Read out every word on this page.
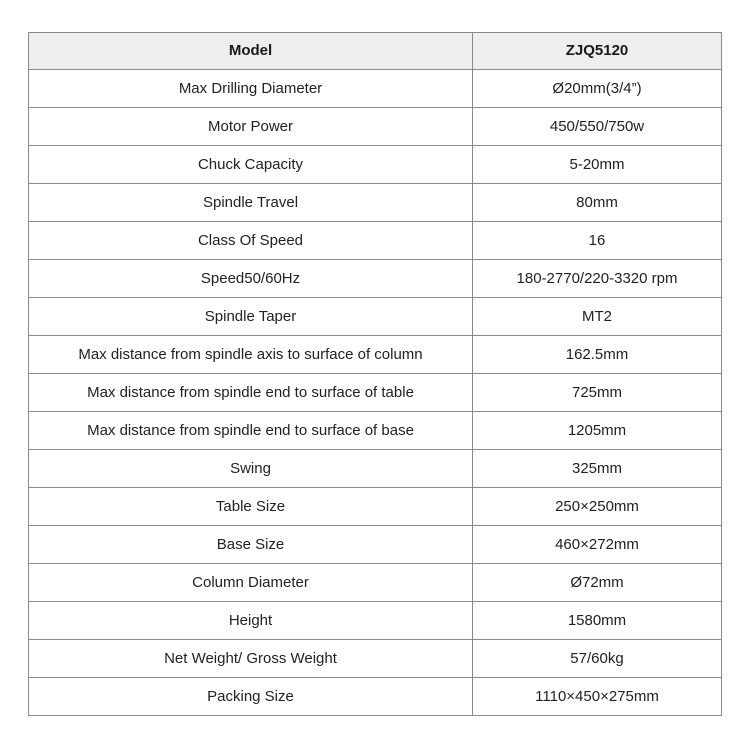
Model	ZJQ5120
Max Drilling Diameter	Ø20mm(3/4”)
Motor Power	450/550/750w
Chuck Capacity	5-20mm
Spindle Travel	80mm
Class Of Speed	16
Speed50/60Hz	180-2770/220-3320 rpm
Spindle Taper	MT2
Max distance from spindle axis to surface of column	162.5mm
Max distance from spindle end to surface of table	725mm
Max distance from spindle end to surface of base	1205mm
Swing	325mm
Table Size	250×250mm
Base Size	460×272mm
Column Diameter	Ø72mm
Height	1580mm
Net Weight/ Gross Weight	57/60kg
Packing Size	1110×450×275mm
